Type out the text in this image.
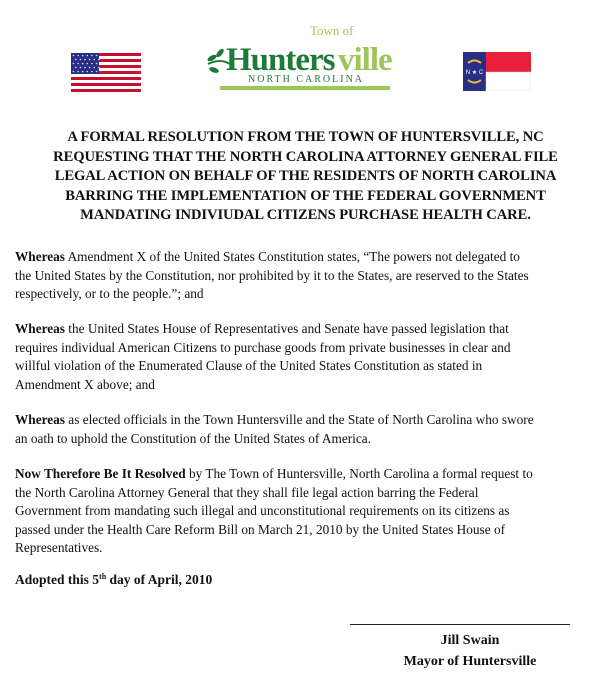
Town of
Hunters ville
NORTH CAROLINA
N ★ C
A FORMAL RESOLUTION FROM THE TOWN OF HUNTERSVILLE, NC
REQUESTING THAT THE NORTH CAROLINA ATTORNEY GENERAL FILE
LEGAL ACTION ON BEHALF OF THE RESIDENTS OF NORTH CAROLINA
BARRING THE IMPLEMENTATION OF THE FEDERAL GOVERNMENT
MANDATING INDIVIUDAL CITIZENS PURCHASE HEALTH CARE.
Whereas Amendment X of the United States Constitution states, “The powers not delegated to
the United States by the Constitution, nor prohibited by it to the States, are reserved to the States
respectively, or to the people.”; and
Whereas the United States House of Representatives and Senate have passed legislation that
requires individual American Citizens to purchase goods from private businesses in clear and
willful violation of the Enumerated Clause of the United States Constitution as stated in
Amendment X above; and
Whereas as elected officials in the Town Huntersville and the State of North Carolina who swore
an oath to uphold the Constitution of the United States of America.
Now Therefore Be It Resolved by The Town of Huntersville, North Carolina a formal request to
the North Carolina Attorney General that they shall file legal action barring the Federal
Government from mandating such illegal and unconstitutional requirements on its citizens as
passed under the Health Care Reform Bill on March 21, 2010 by the United States House of
Representatives.
Adopted this 5th day of April, 2010
Jill Swain
Mayor of Huntersville
